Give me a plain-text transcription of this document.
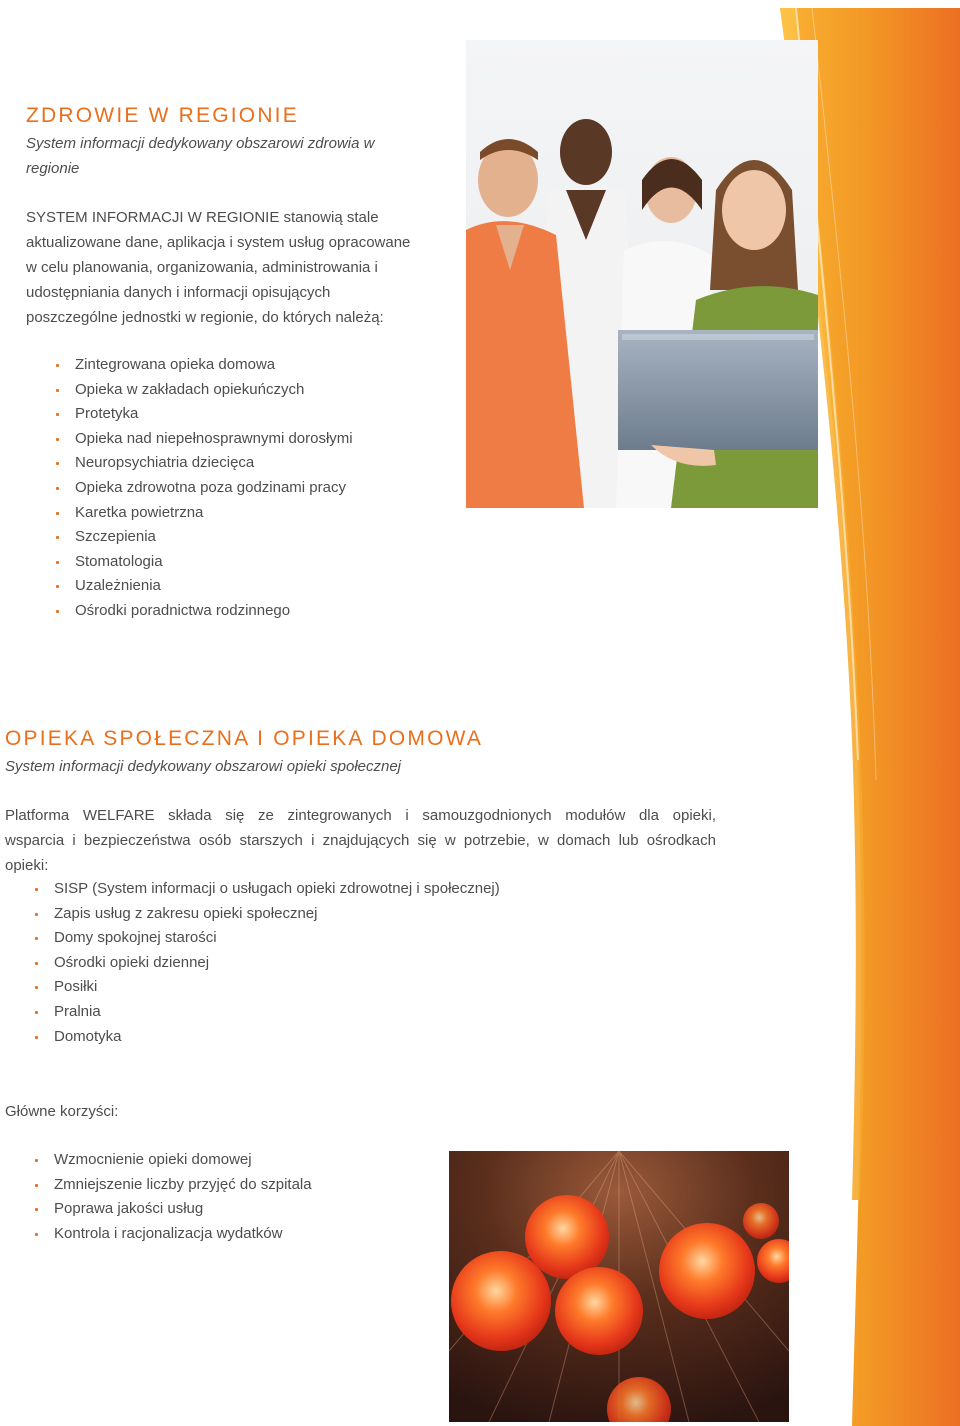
ZDROWIE W REGIONIE

System informacji dedykowany obszarowi zdrowia w

regionie

SYSTEM INFORMACJI W REGIONIE stanowią stale
aktualizowane dane, aplikacja i system usług opracowane
w celu planowania, organizowania, administrowania i
udostępniania danych i informacji opisujących
poszczególne jednostki w regionie, do których należą:
Zintegrowana opieka domowa
Opieka w zakładach opiekuńczych
Protetyka
Opieka nad niepełnosprawnymi dorosłymi
Neuropsychiatria dziecięca
Opieka zdrowotna poza godzinami pracy
Karetka powietrzna
Szczepienia
Stomatologia
Uzależnienia
Ośrodki poradnictwa rodzinnego
OPIEKA SPOŁECZNA I OPIEKA DOMOWA

System informacji dedykowany obszarowi opieki społecznej

Platforma WELFARE składa się ze zintegrowanych i samouzgodnionych modułów dla opieki,
wsparcia i bezpieczeństwa osób starszych i znajdujących się w potrzebie, w domach lub ośrodkach
opieki:
SISP (System informacji o usługach opieki zdrowotnej i społecznej)
Zapis usług z zakresu opieki społecznej
Domy spokojnej starości
Ośrodki opieki dziennej
Posiłki
Pralnia
Domotyka

Główne korzyści:

Wzmocnienie opieki domowej
Zmniejszenie liczby przyjęć do szpitala
Poprawa jakości usług
Kontrola i racjonalizacja wydatków
